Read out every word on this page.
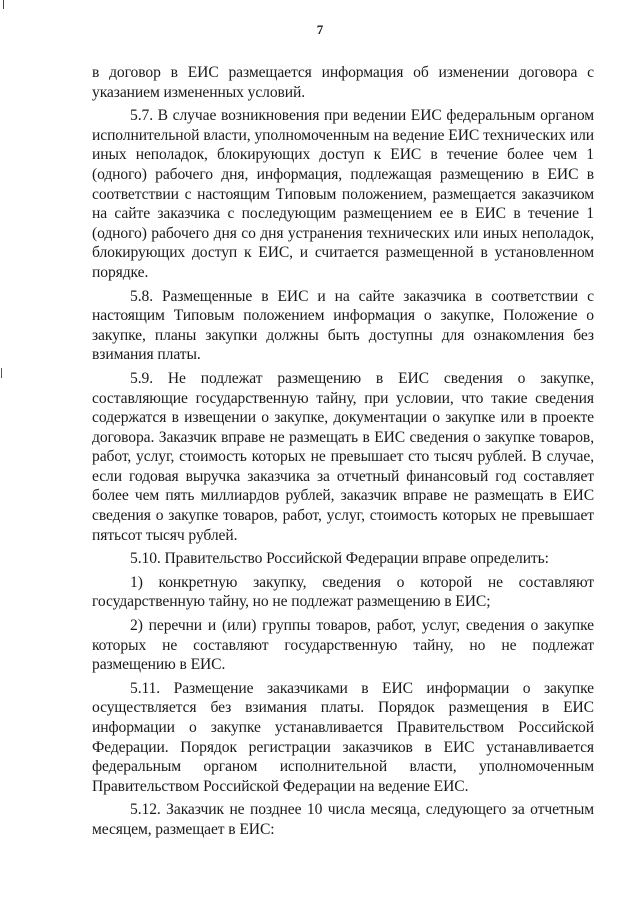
7

в договор в ЕИС размещается информация об изменении договора с указанием измененных условий.

5.7. В случае возникновения при ведении ЕИС федеральным органом исполнительной власти, уполномоченным на ведение ЕИС технических или иных неполадок, блокирующих доступ к ЕИС в течение более чем 1 (одного) рабочего дня, информация, подлежащая размещению в ЕИС в соответствии с настоящим Типовым положением, размещается заказчиком на сайте заказчика с последующим размещением ее в ЕИС в течение 1 (одного) рабочего дня со дня устранения технических или иных неполадок, блокирующих доступ к ЕИС, и считается размещенной в установленном порядке.

5.8. Размещенные в ЕИС и на сайте заказчика в соответствии с настоящим Типовым положением информация о закупке, Положение о закупке, планы закупки должны быть доступны для ознакомления без взимания платы.

5.9. Не подлежат размещению в ЕИС сведения о закупке, составляющие государственную тайну, при условии, что такие сведения содержатся в извещении о закупке, документации о закупке или в проекте договора. Заказчик вправе не размещать в ЕИС сведения о закупке товаров, работ, услуг, стоимость которых не превышает сто тысяч рублей. В случае, если годовая выручка заказчика за отчетный финансовый год составляет более чем пять миллиардов рублей, заказчик вправе не размещать в ЕИС сведения о закупке товаров, работ, услуг, стоимость которых не превышает пятьсот тысяч рублей.

5.10. Правительство Российской Федерации вправе определить:

1) конкретную закупку, сведения о которой не составляют государственную тайну, но не подлежат размещению в ЕИС;

2) перечни и (или) группы товаров, работ, услуг, сведения о закупке которых не составляют государственную тайну, но не подлежат размещению в ЕИС.

5.11. Размещение заказчиками в ЕИС информации о закупке осуществляется без взимания платы. Порядок размещения в ЕИС информации о закупке устанавливается Правительством Российской Федерации. Порядок регистрации заказчиков в ЕИС устанавливается федеральным органом исполнительной власти, уполномоченным Правительством Российской Федерации на ведение ЕИС.

5.12. Заказчик не позднее 10 числа месяца, следующего за отчетным месяцем, размещает в ЕИС:
